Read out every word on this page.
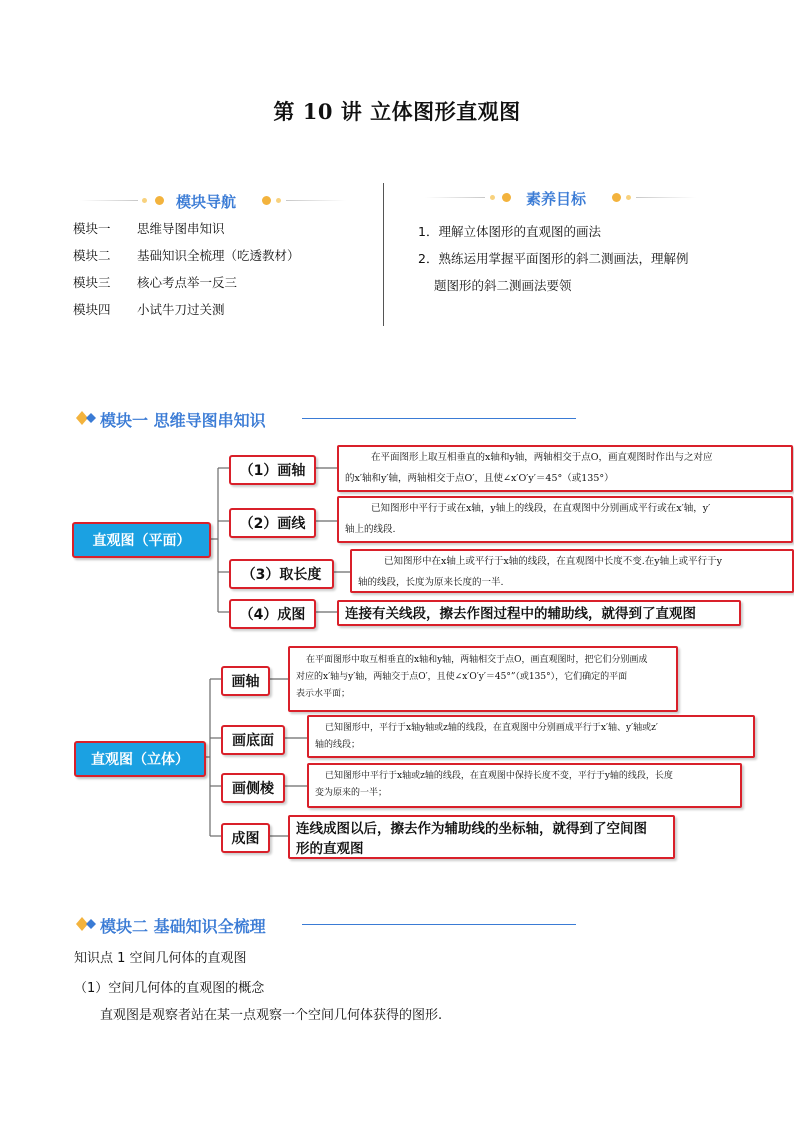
第 10 讲 立体图形直观图
模块导航
模块一 思维导图串知识
模块二 基础知识全梳理（吃透教材）
模块三 核心考点举一反三
模块四 小试牛刀过关测
素养目标
1．理解立体图形的直观图的画法
2．熟练运用掌握平面图形的斜二测画法，理解例
题图形的斜二测画法要领
模块一 思维导图串知识
直观图（平面）
（1）画轴
（2）画线
（3）取长度
（4）成图
在平面图形上取互相垂直的x轴和y轴，两轴相交于点O，画直观图时作出与之对应
的x′轴和y′轴，两轴相交于点O′，且使∠x′O′y′＝45°（或135°）
已知图形中平行于或在x轴，y轴上的线段，在直观图中分别画成平行或在x′轴，y′
轴上的线段.
已知图形中在x轴上或平行于x轴的线段，在直观图中长度不变.在y轴上或平行于y
轴的线段，长度为原来长度的一半.
连接有关线段，擦去作图过程中的辅助线，就得到了直观图
直观图（立体）
画轴
画底面
画侧棱
成图
在平面图形中取互相垂直的x轴和y轴，两轴相交于点O，画直观图时，把它们分别画成
对应的x′轴与y′轴，两轴交于点O′，且使∠x′O′y′＝45°”（或135°），它们确定的平面
表示水平面；
已知图形中，平行于x轴y轴或z轴的线段，在直观图中分别画成平行于x′轴、y′轴或z′
轴的线段；
已知图形中平行于x轴或z轴的线段，在直观图中保持长度不变，平行于y轴的线段，长度
变为原来的一半；
连线成图以后，擦去作为辅助线的坐标轴，就得到了空间图
形的直观图
模块二 基础知识全梳理
知识点 1 空间几何体的直观图
（1）空间几何体的直观图的概念
直观图是观察者站在某一点观察一个空间几何体获得的图形.
